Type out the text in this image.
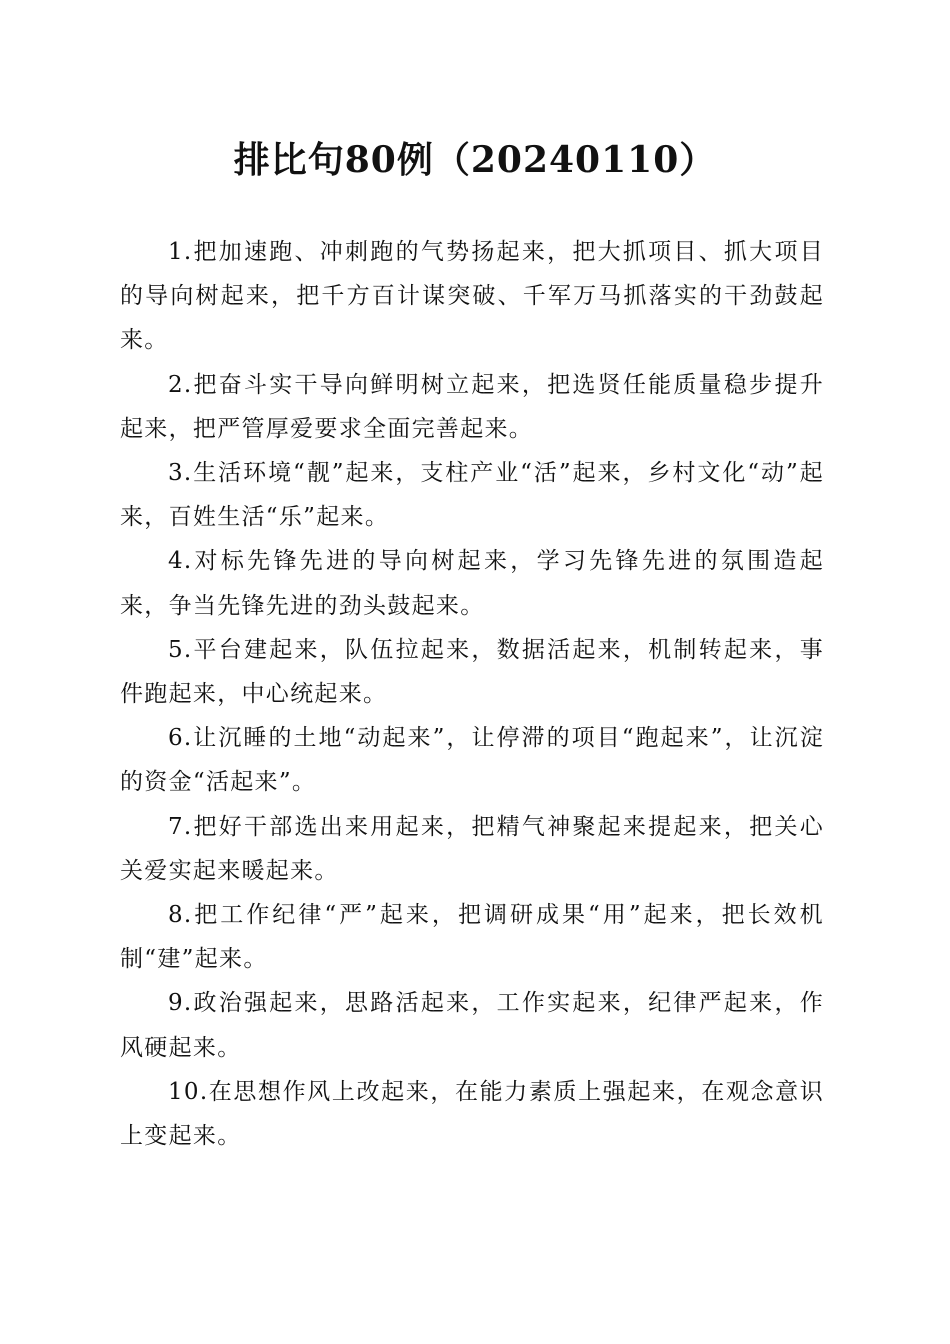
排比句80例（20240110）

1.把加速跑、冲刺跑的气势扬起来，把大抓项目、抓大项目的导向树起来，把千方百计谋突破、千军万马抓落实的干劲鼓起来。

2.把奋斗实干导向鲜明树立起来，把选贤任能质量稳步提升起来，把严管厚爱要求全面完善起来。

3.生活环境“靓”起来，支柱产业“活”起来，乡村文化“动”起来，百姓生活“乐”起来。

4.对标先锋先进的导向树起来，学习先锋先进的氛围造起来，争当先锋先进的劲头鼓起来。

5.平台建起来，队伍拉起来，数据活起来，机制转起来，事件跑起来，中心统起来。

6.让沉睡的土地“动起来”，让停滞的项目“跑起来”，让沉淀的资金“活起来”。

7.把好干部选出来用起来，把精气神聚起来提起来，把关心关爱实起来暖起来。

8.把工作纪律“严”起来，把调研成果“用”起来，把长效机制“建”起来。

9.政治强起来，思路活起来，工作实起来，纪律严起来，作风硬起来。

10.在思想作风上改起来，在能力素质上强起来，在观念意识上变起来。
